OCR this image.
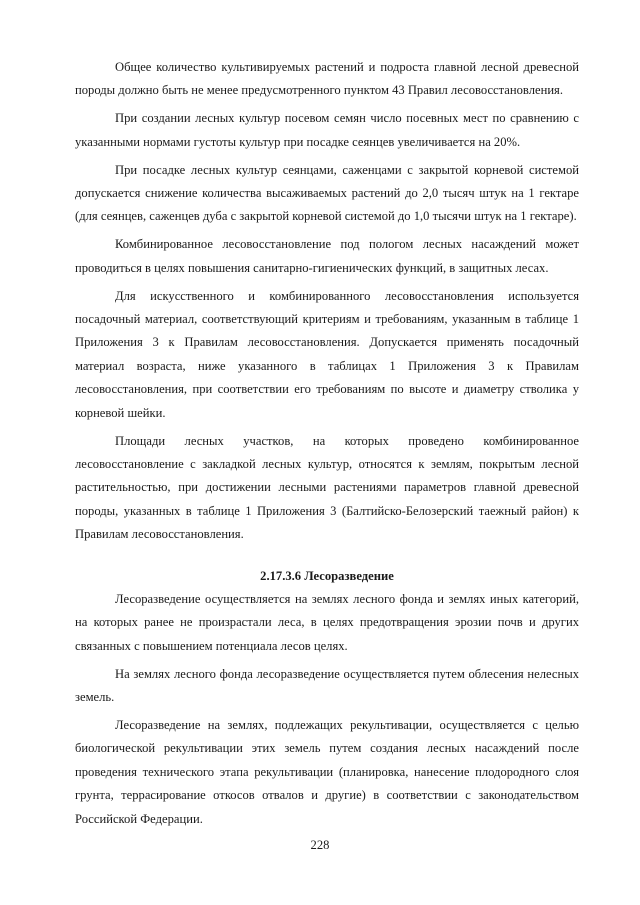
Общее количество культивируемых растений и подроста главной лесной древесной породы должно быть не менее предусмотренного пунктом 43 Правил лесовосстановления.

При создании лесных культур посевом семян число посевных мест по сравнению с указанными нормами густоты культур при посадке сеянцев увеличивается на 20%.

При посадке лесных культур сеянцами, саженцами с закрытой корневой системой допускается снижение количества высаживаемых растений до 2,0 тысяч штук на 1 гектаре (для сеянцев, саженцев дуба с закрытой корневой системой до 1,0 тысячи штук на 1 гектаре).

Комбинированное лесовосстановление под пологом лесных насаждений может проводиться в целях повышения санитарно-гигиенических функций, в защитных лесах.

Для искусственного и комбинированного лесовосстановления используется посадочный материал, соответствующий критериям и требованиям, указанным в таблице 1 Приложения 3 к Правилам лесовосстановления. Допускается применять посадочный материал возраста, ниже указанного в таблицах 1 Приложения 3 к Правилам лесовосстановления, при соответствии его требованиям по высоте и диаметру стволика у корневой шейки.

Площади лесных участков, на которых проведено комбинированное лесовосстановление с закладкой лесных культур, относятся к землям, покрытым лесной растительностью, при достижении лесными растениями параметров главной древесной породы, указанных в таблице 1 Приложения 3 (Балтийско-Белозерский таежный район) к Правилам лесовосстановления.

2.17.3.6 Лесоразведение

Лесоразведение осуществляется на землях лесного фонда и землях иных категорий, на которых ранее не произрастали леса, в целях предотвращения эрозии почв и других связанных с повышением потенциала лесов целях.

На землях лесного фонда лесоразведение осуществляется путем облесения нелесных земель.

Лесоразведение на землях, подлежащих рекультивации, осуществляется с целью биологической рекультивации этих земель путем создания лесных насаждений после проведения технического этапа рекультивации (планировка, нанесение плодородного слоя грунта, террасирование откосов отвалов и другие) в соответствии с законодательством Российской Федерации.

228
